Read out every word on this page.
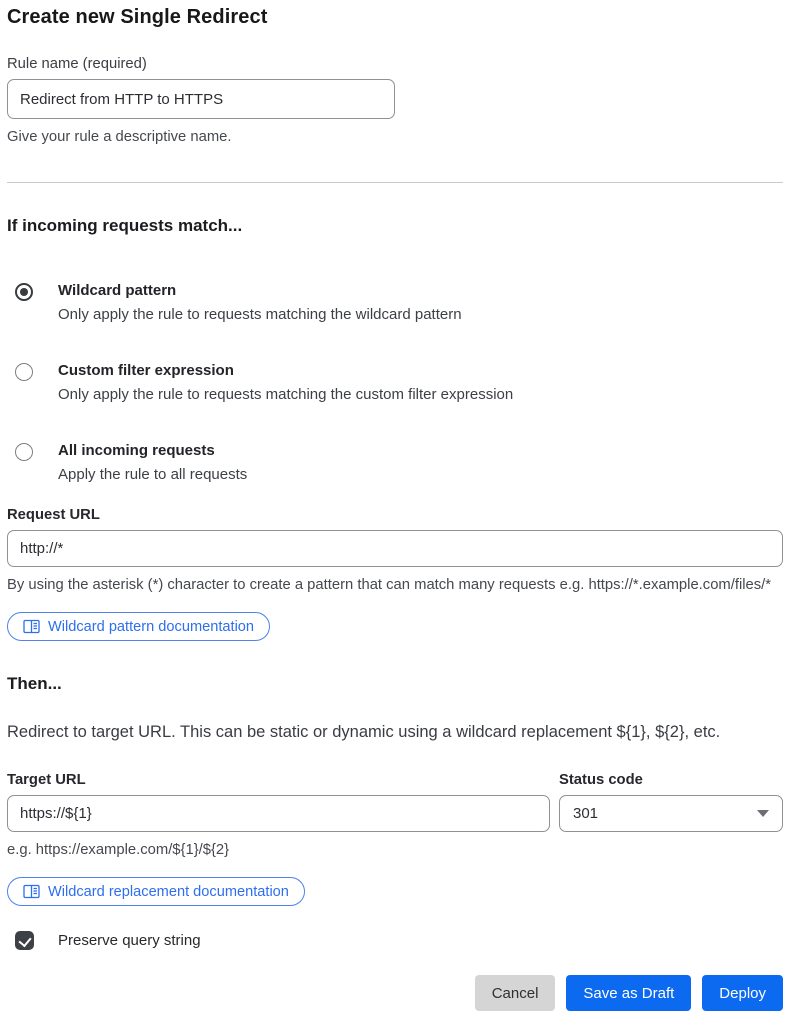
Create new Single Redirect
Rule name (required)
Redirect from HTTP to HTTPS
Give your rule a descriptive name.
If incoming requests match...
Wildcard pattern
Only apply the rule to requests matching the wildcard pattern
Custom filter expression
Only apply the rule to requests matching the custom filter expression
All incoming requests
Apply the rule to all requests
Request URL
http://*
By using the asterisk (*) character to create a pattern that can match many requests e.g. https://*.example.com/files/*
Wildcard pattern documentation
Then...

Redirect to target URL. This can be static or dynamic using a wildcard replacement ${1}, ${2}, etc.

Target URL
https://${1}
e.g. https://example.com/${1}/${2}
Status code
301
Wildcard replacement documentation
Preserve query string
Cancel	Save as Draft	Deploy
